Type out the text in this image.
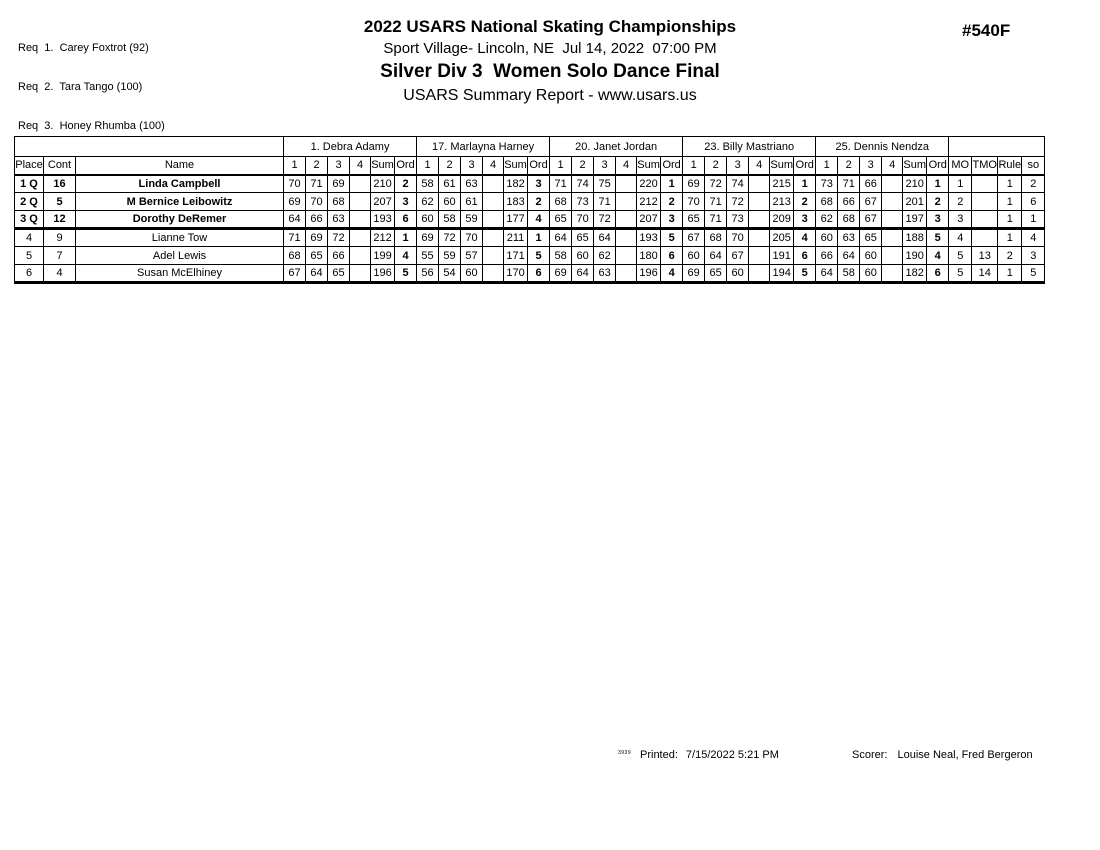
Req  1.  Carey Foxtrot (92)

Req  2.  Tara Tango (100)

Req  3.  Honey Rhumba (100)

2022 USARS National Skating Championships
Sport Village- Lincoln, NE  Jul 14, 2022  07:00 PM
Silver Div 3  Women Solo Dance Final
USARS Summary Report - www.usars.us
#540F
			1. Debra Adamy						17. Marlayna Harney						20. Janet Jordan						23. Billy Mastriano						25. Dennis Nendza									
Place	Cont	Name	1	2	3	4	Sum	Ord	1	2	3	4	Sum	Ord	1	2	3	4	Sum	Ord	1	2	3	4	Sum	Ord	1	2	3	4	Sum	Ord	MO	TMO	Rule	so
1 Q	16	Linda Campbell	70	71	69		210	2	58	61	63		182	3	71	74	75		220	1	69	72	74		215	1	73	71	66		210	1	1		1	2
2 Q	5	M Bernice Leibowitz	69	70	68		207	3	62	60	61		183	2	68	73	71		212	2	70	71	72		213	2	68	66	67		201	2	2		1	6
3 Q	12	Dorothy DeRemer	64	66	63		193	6	60	58	59		177	4	65	70	72		207	3	65	71	73		209	3	62	68	67		197	3	3		1	1
4	9	Lianne Tow	71	69	72		212	1	69	72	70		211	1	64	65	64		193	5	67	68	70		205	4	60	63	65		188	5	4		1	4
5	7	Adel Lewis	68	65	66		199	4	55	59	57		171	5	58	60	62		180	6	60	64	67		191	6	66	64	60		190	4	5	13	2	3
6	4	Susan McElhiney	67	64	65		196	5	56	54	60		170	6	69	64	63		196	4	69	65	60		194	5	64	58	60		182	6	5	14	1	5
3939 Printed: 7/15/2022 5:21 PM	Scorer: Louise Neal, Fred Bergeron
